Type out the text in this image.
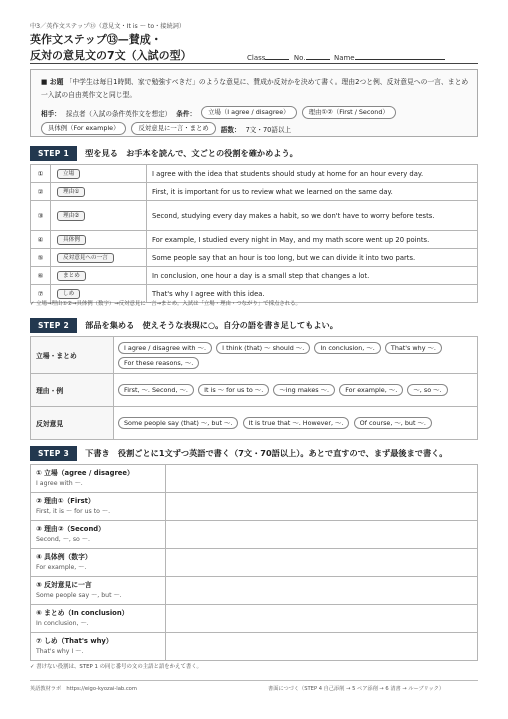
中3／英作文ステップ⑬（意見文・It is ～ to・接続詞）
英作文ステップ⑬—賛成・
反対の意見文の7文（入試の型）	Class	No.	Name
■ お題 「中学生は毎日1時間、家で勉強すべきだ」のような意見に、賛成か反対かを決めて書く。理由2つと例、反対意見への一言、まとめ一入試の自由英作文と同じ型。
相手： 採点者（入試の条件英作文を想定） 条件：	立場（I agree / disagree）	理由①②（First / Second）
具体例（For example）	反対意見に一言・まとめ	語数： 7文・70語以上
STEP 1	型を見る　お手本を読んで、文ごとの役割を確かめよう。
①	立場	I agree with the idea that students should study at home for an hour every day.
②	理由①	First, it is important for us to review what we learned on the same day.
③	理由②	Second, studying every day makes a habit, so we don't have to worry before tests.
④	具体例	For example, I studied every night in May, and my math score went up 20 points.
⑤	反対意見への一言	Some people say that an hour is too long, but we can divide it into two parts.
⑥	まとめ	In conclusion, one hour a day is a small step that changes a lot.
⑦	しめ	That's why I agree with this idea.
✓ 立場→理由①②→具体例（数字）→反対意見に一言→まとめ。入試は「立場・理由・つながり」で採点される。
STEP 2	部品を集める　使えそうな表現に○。自分の語を書き足してもよい。
立場・まとめ	I agree / disagree with ～. I think (that) ～ should ～. In conclusion, ～. That's why ～. For these reasons, ～.
理由・例	First, ～. Second, ～. It is ～ for us to ～. ～ing makes ～. For example, ～. ～, so ～.
反対意見	Some people say (that) ～, but ～. It is true that ～. However, ～. Of course, ～, but ～.
STEP 3	下書き　役割ごとに1文ずつ英語で書く（7文・70語以上）。あとで直すので、まず最後まで書く。
① 立場（agree / disagree）
I agree with ～.	

② 理由①（First）
First, it is ～ for us to ～.	

③ 理由②（Second）
Second, ～, so ～.	

④ 具体例（数字）
For example, ～.	

⑤ 反対意見に一言
Some people say ～, but ～.	

⑥ まとめ（In conclusion）
In conclusion, ～.	

⑦ しめ（That's why）
That's why I ～.	

✓ 書けない役割は、STEP 1 の同じ番号の文の主語と語をかえて書く。
英語教材ラボ　https://eigo-kyozai-lab.com	書面につづく（STEP 4 自己添削 → 5 ペア添削 → 6 清書 → ルーブリック）
